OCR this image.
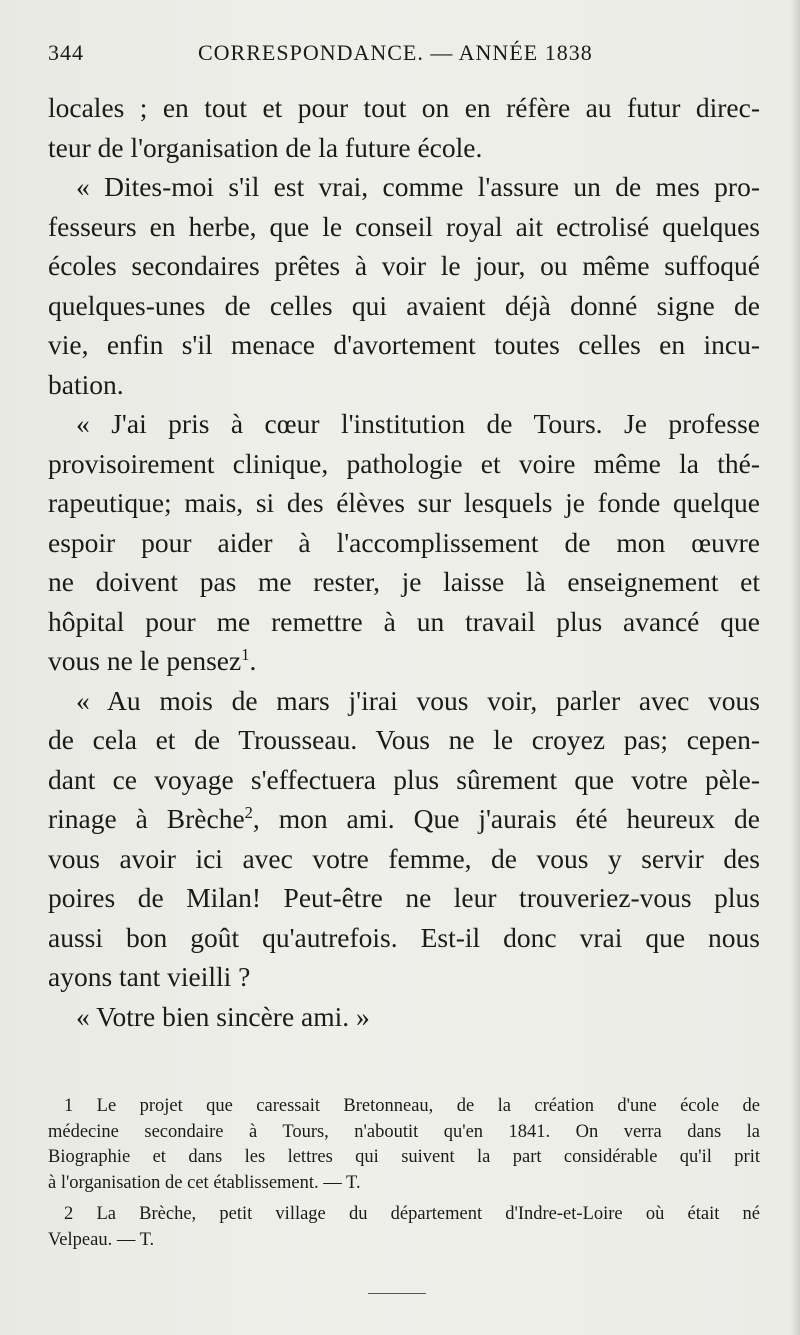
344	CORRESPONDANCE. — ANNÉE 1838
locales ; en tout et pour tout on en réfère au futur direc-
teur de l'organisation de la future école.
« Dites-moi s'il est vrai, comme l'assure un de mes pro-
fesseurs en herbe, que le conseil royal ait ectrolisé quelques
écoles secondaires prêtes à voir le jour, ou même suffoqué
quelques-unes de celles qui avaient déjà donné signe de
vie, enfin s'il menace d'avortement toutes celles en incu-
bation.
« J'ai pris à cœur l'institution de Tours. Je professe
provisoirement clinique, pathologie et voire même la thé-
rapeutique; mais, si des élèves sur lesquels je fonde quelque
espoir pour aider à l'accomplissement de mon œuvre
ne doivent pas me rester, je laisse là enseignement et
hôpital pour me remettre à un travail plus avancé que
vous ne le pensez$^1$.
« Au mois de mars j'irai vous voir, parler avec vous
de cela et de Trousseau. Vous ne le croyez pas; cepen-
dant ce voyage s'effectuera plus sûrement que votre pèle-
rinage à Brèche$^2$, mon ami. Que j'aurais été heureux de
vous avoir ici avec votre femme, de vous y servir des
poires de Milan! Peut-être ne leur trouveriez-vous plus
aussi bon goût qu'autrefois. Est-il donc vrai que nous
ayons tant vieilli ?
« Votre bien sincère ami. »
1 Le projet que caressait Bretonneau, de la création d'une école de
médecine secondaire à Tours, n'aboutit qu'en 1841. On verra dans la
Biographie et dans les lettres qui suivent la part considérable qu'il prit
à l'organisation de cet établissement. — T.
2 La Brèche, petit village du département d'Indre-et-Loire où était né
Velpeau. — T.
